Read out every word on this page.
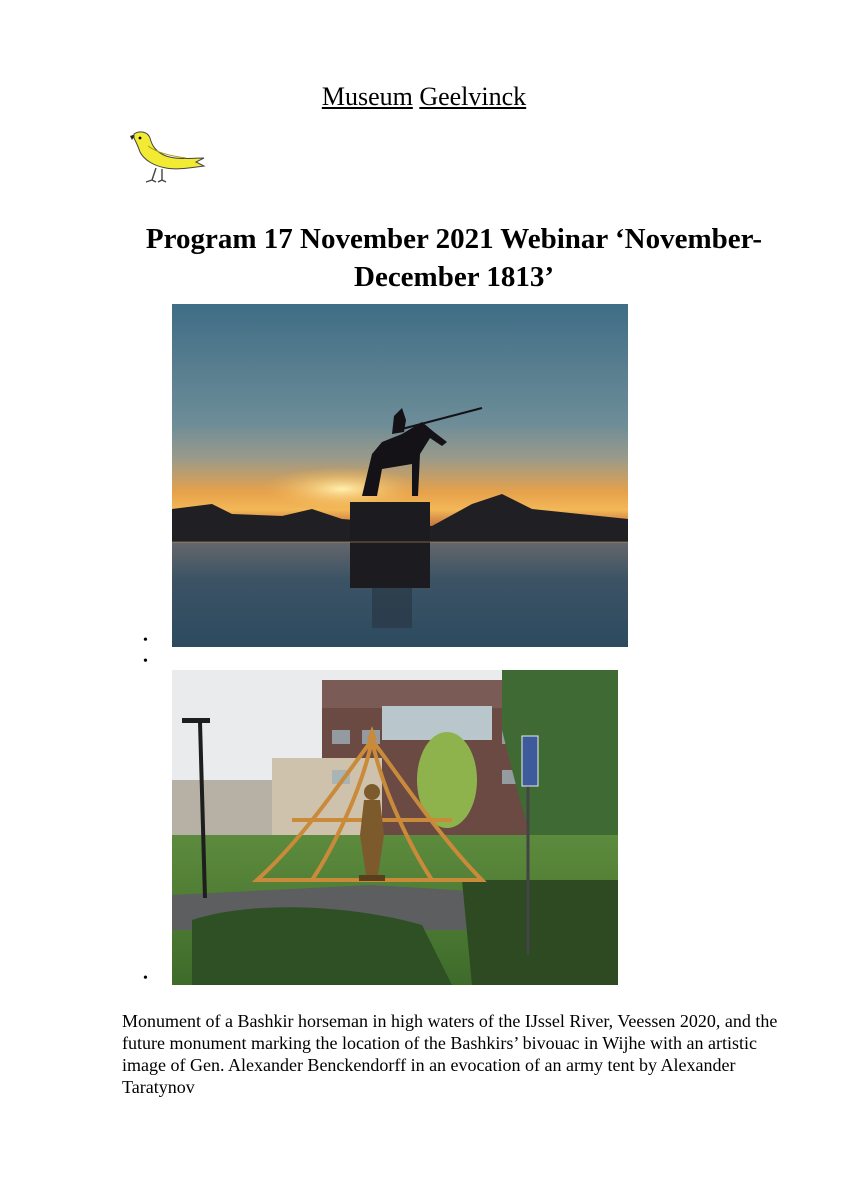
Museum Geelvinck
Program 17 November 2021 Webinar ‘November-December 1813’
•
•
•

Monument of a Bashkir horseman in high waters of the IJssel River, Veessen 2020, and the future monument marking the location of the Bashkirs’ bivouac in Wijhe with an artistic image of Gen. Alexander Benckendorff in an evocation of an army tent by Alexander Taratynov
